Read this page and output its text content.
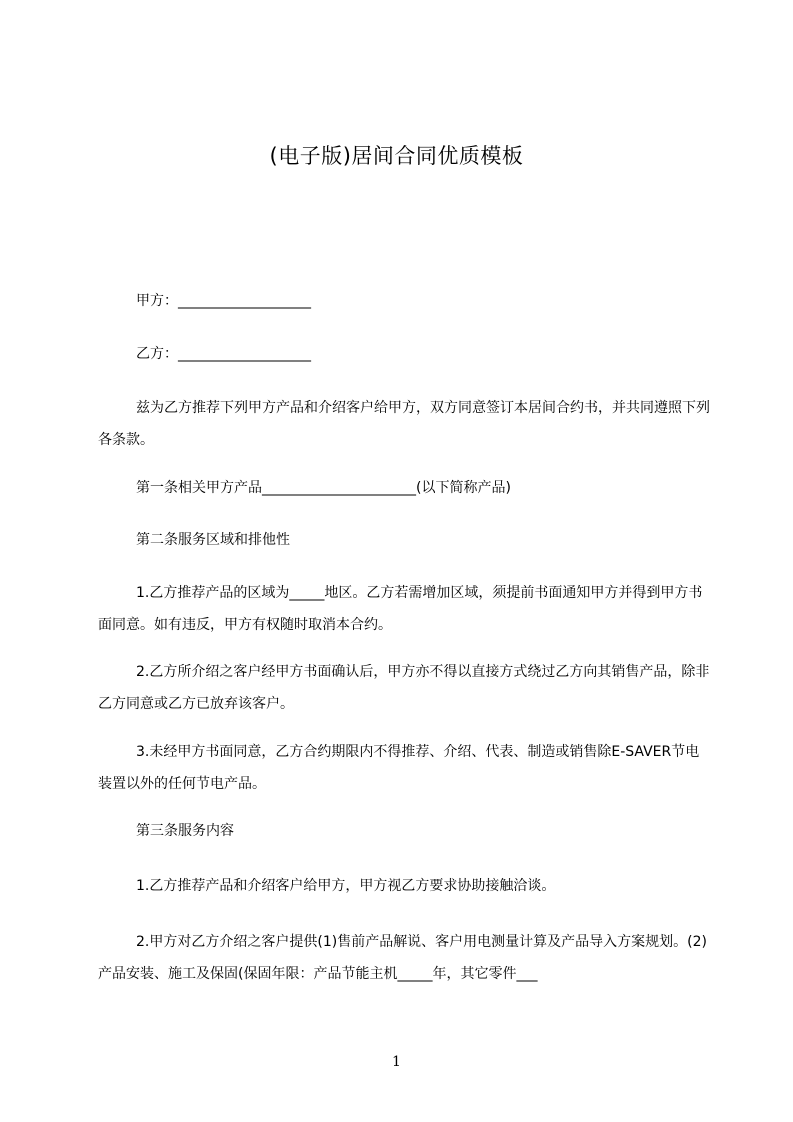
(电子版)居间合同优质模板
甲方：___________________
乙方：___________________
兹为乙方推荐下列甲方产品和介绍客户给甲方，双方同意签订本居间合约书，并共同遵照下列各条款。
第一条相关甲方产品______________________(以下简称产品)
第二条服务区域和排他性
1.乙方推荐产品的区域为_____地区。乙方若需增加区域，须提前书面通知甲方并得到甲方书面同意。如有违反，甲方有权随时取消本合约。
2.乙方所介绍之客户经甲方书面确认后，甲方亦不得以直接方式绕过乙方向其销售产品，除非乙方同意或乙方已放弃该客户。
3.未经甲方书面同意，乙方合约期限内不得推荐、介绍、代表、制造或销售除E-SAVER节电装置以外的任何节电产品。
第三条服务内容
1.乙方推荐产品和介绍客户给甲方，甲方视乙方要求协助接触洽谈。
2.甲方对乙方介绍之客户提供(1)售前产品解说、客户用电测量计算及产品导入方案规划。(2)产品安装、施工及保固(保固年限：产品节能主机_____年，其它零件___
1
